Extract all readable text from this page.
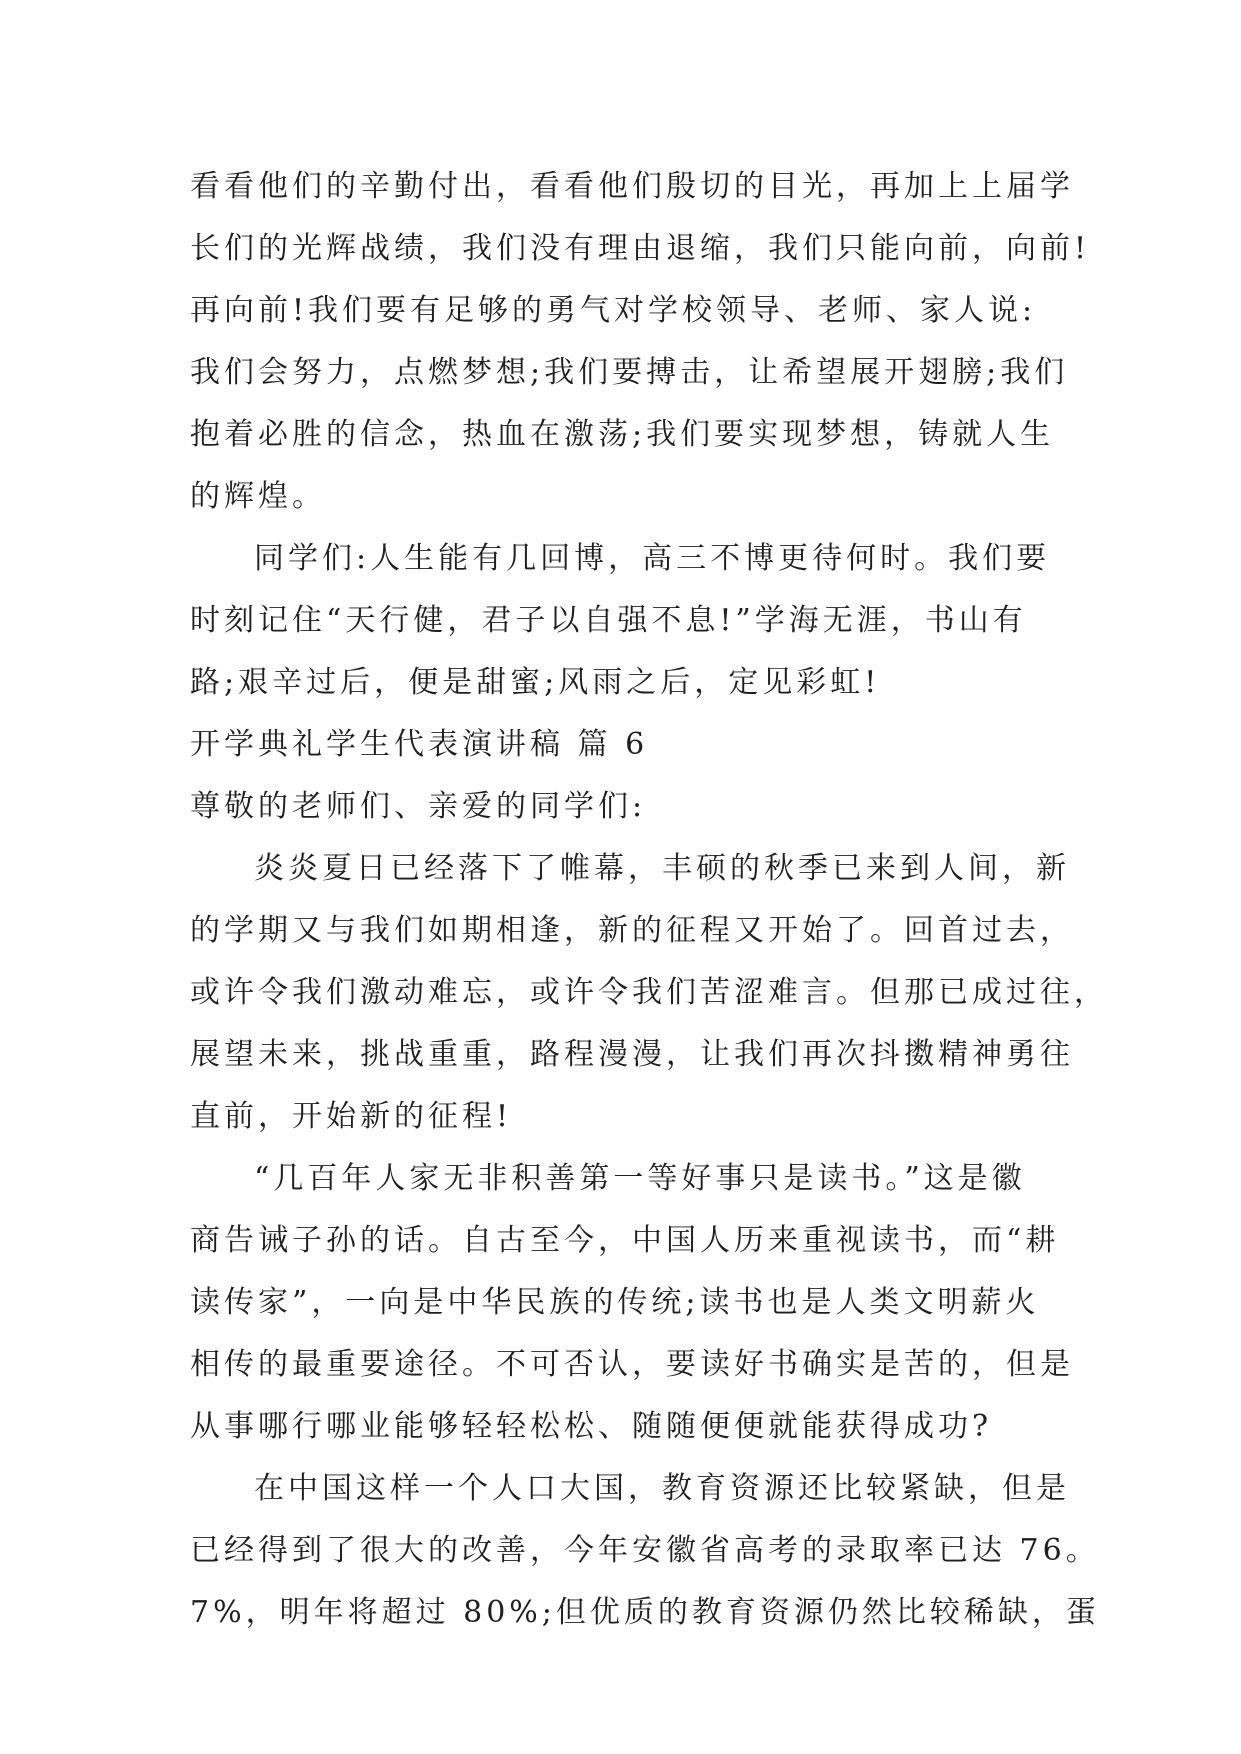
看看他们的辛勤付出，看看他们殷切的目光，再加上上届学
长们的光辉战绩，我们没有理由退缩，我们只能向前，向前!
再向前!我们要有足够的勇气对学校领导、老师、家人说:
我们会努力，点燃梦想;我们要搏击，让希望展开翅膀;我们
抱着必胜的信念，热血在激荡;我们要实现梦想，铸就人生
的辉煌。
同学们:人生能有几回博，高三不博更待何时。我们要
时刻记住“天行健，君子以自强不息!”学海无涯，书山有
路;艰辛过后，便是甜蜜;风雨之后，定见彩虹!
开学典礼学生代表演讲稿 篇 6
尊敬的老师们、亲爱的同学们:
炎炎夏日已经落下了帷幕，丰硕的秋季已来到人间，新
的学期又与我们如期相逢，新的征程又开始了。回首过去，
或许令我们激动难忘，或许令我们苦涩难言。但那已成过往，
展望未来，挑战重重，路程漫漫，让我们再次抖擞精神勇往
直前，开始新的征程!
“几百年人家无非积善第一等好事只是读书。”这是徽
商告诫子孙的话。自古至今，中国人历来重视读书，而“耕
读传家”，一向是中华民族的传统;读书也是人类文明薪火
相传的最重要途径。不可否认，要读好书确实是苦的，但是
从事哪行哪业能够轻轻松松、随随便便就能获得成功?
在中国这样一个人口大国，教育资源还比较紧缺，但是
已经得到了很大的改善，今年安徽省高考的录取率已达 76。
7%，明年将超过 80%;但优质的教育资源仍然比较稀缺，蛋
